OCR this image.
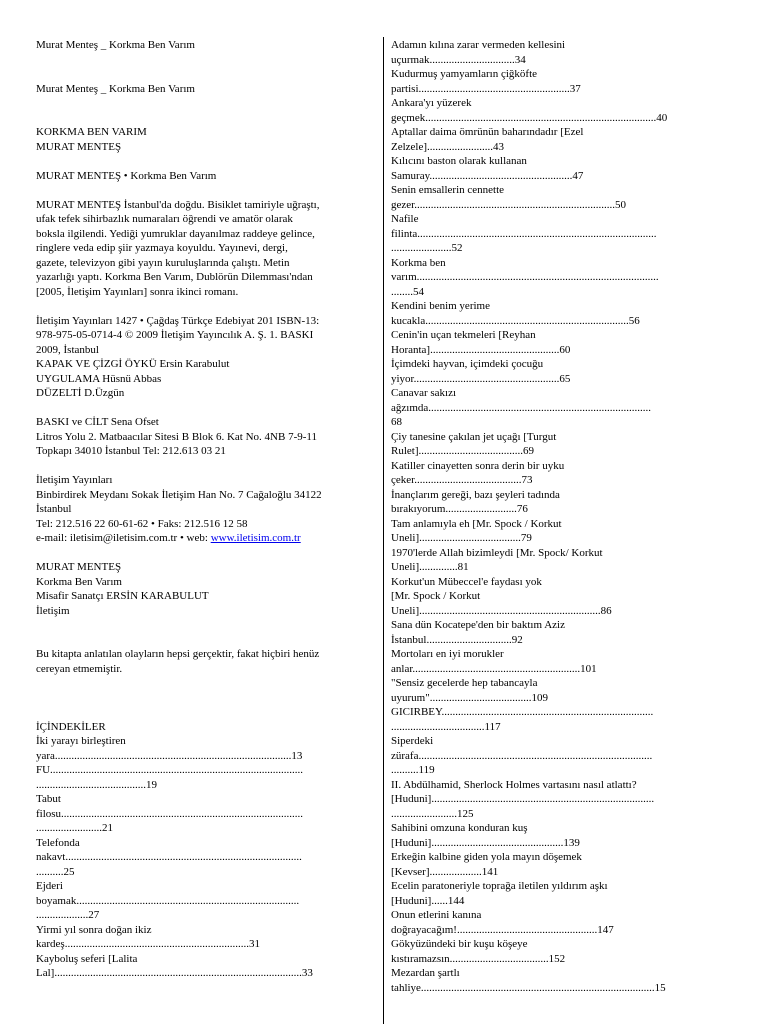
Murat Menteş _ Korkma Ben Varım
Murat Menteş _ Korkma Ben Varım
KORKMA BEN VARIM
MURAT MENTEŞ
MURAT MENTEŞ • Korkma Ben Varım
MURAT MENTEŞ İstanbul'da doğdu. Bisiklet tamiriyle uğraştı,
ufak tefek sihirbazlık numaraları öğrendi ve amatör olarak
boksla ilgilendi. Yediği yumruklar dayanılmaz raddeye gelince,
ringlere veda edip şiir yazmaya koyuldu. Yayınevi, dergi,
gazete, televizyon gibi yayın kuruluşlarında çalıştı. Metin
yazarlığı yaptı. Korkma Ben Varım, Dublörün Dilemması'ndan
[2005, İletişim Yayınları] sonra ikinci romanı.
İletişim Yayınları 1427 • Çağdaş Türkçe Edebiyat 201 ISBN-13:
978-975-05-0714-4 © 2009 İletişim Yayıncılık A. Ş. 1. BASKI
2009, İstanbul
KAPAK VE ÇİZGİ ÖYKÜ Ersin Karabulut
UYGULAMA Hüsnü Abbas
DÜZELTİ D.Üzgün
BASKI ve CİLT Sena Ofset
Litros Yolu 2. Matbaacılar Sitesi B Blok 6. Kat No. 4NB 7-9-11
Topkapı 34010 İstanbul Tel: 212.613 03 21
İletişim Yayınları
Binbirdirek Meydanı Sokak İletişim Han No. 7 Cağaloğlu 34122
İstanbul
Tel: 212.516 22 60-61-62 • Faks: 212.516 12 58
e-mail: iletisim@iletisim.com.tr • web: www.iletisim.com.tr
MURAT MENTEŞ
Korkma Ben Varım
Misafir Sanatçı ERSİN KARABULUT
İletişim
Bu kitapta anlatılan olayların hepsi gerçektir, fakat hiçbiri henüz
cereyan etmemiştir.
İÇİNDEKİLER
İki yarayı birleştiren
yara......................................................................................13
FU............................................................................................
........................................19
Tabut
filosu........................................................................................
........................21
Telefonda
nakavt......................................................................................
..........25
Ejderi
boyamak.................................................................................
...................27
Yirmi yıl sonra doğan ikiz
kardeş...................................................................31
Kayboluş seferi [Lalita
Lal]..........................................................................................33
Adamın kılına zarar vermeden kellesini
uçurmak...............................34
Kudurmuş yamyamların çiğköfte
partisi.......................................................37
Ankara'yı yüzerek
geçmek....................................................................................40
Aptallar daima ömrünün baharındadır [Ezel
Zelzele]........................43
Kılıcını baston olarak kullanan
Samuray....................................................47
Senin emsallerin cennette
gezer.........................................................................50
Nafile
filinta.......................................................................................
......................52
Korkma ben
varım........................................................................................
........54
Kendini benim yerime
kucakla..........................................................................56
Cenin'in uçan tekmeleri [Reyhan
Horanta]...............................................60
İçimdeki hayvan, içimdeki çocuğu
yiyor.....................................................65
Canavar sakızı
ağzımda.................................................................................
68
Çiy tanesine çakılan jet uçağı [Turgut
Rulet]......................................69
Katiller cinayetten sonra derin bir uyku
çeker.......................................73
İnançlarım gereği, bazı şeyleri tadında
bırakıyorum..........................76
Tam anlamıyla eh [Mr. Spock / Korkut
Uneli].....................................79
1970'lerde Allah bizimleydi [Mr. Spock/ Korkut
Uneli]..............81
Korkut'un Mübeccel'e faydası yok
[Mr. Spock / Korkut
Uneli]..................................................................86
Sana dün Kocatepe'den bir baktım Aziz
İstanbul...............................92
Mortoları en iyi morukler
anlar.............................................................101
"Sensiz gecelerde hep tabancayla
uyurum".....................................109
GICIRBEY.............................................................................
..................................117
Siperdeki
zürafa.....................................................................................
..........119
II. Abdülhamid, Sherlock Holmes vartasını nasıl atlattı?
[Huduni].................................................................................
........................125
Sahibini omzuna konduran kuş
[Huduni]................................................139
Erkeğin kalbine giden yola mayın döşemek
[Kevser]...................141
Ecelin paratoneriyle toprağa iletilen yıldırım aşkı
[Huduni]......144
Onun etlerini kanına
doğrayacağım!...................................................147
Gökyüzündeki bir kuşu köşeye
kıstıramazsın....................................152
Mezardan şartlı
tahliye.....................................................................................15
